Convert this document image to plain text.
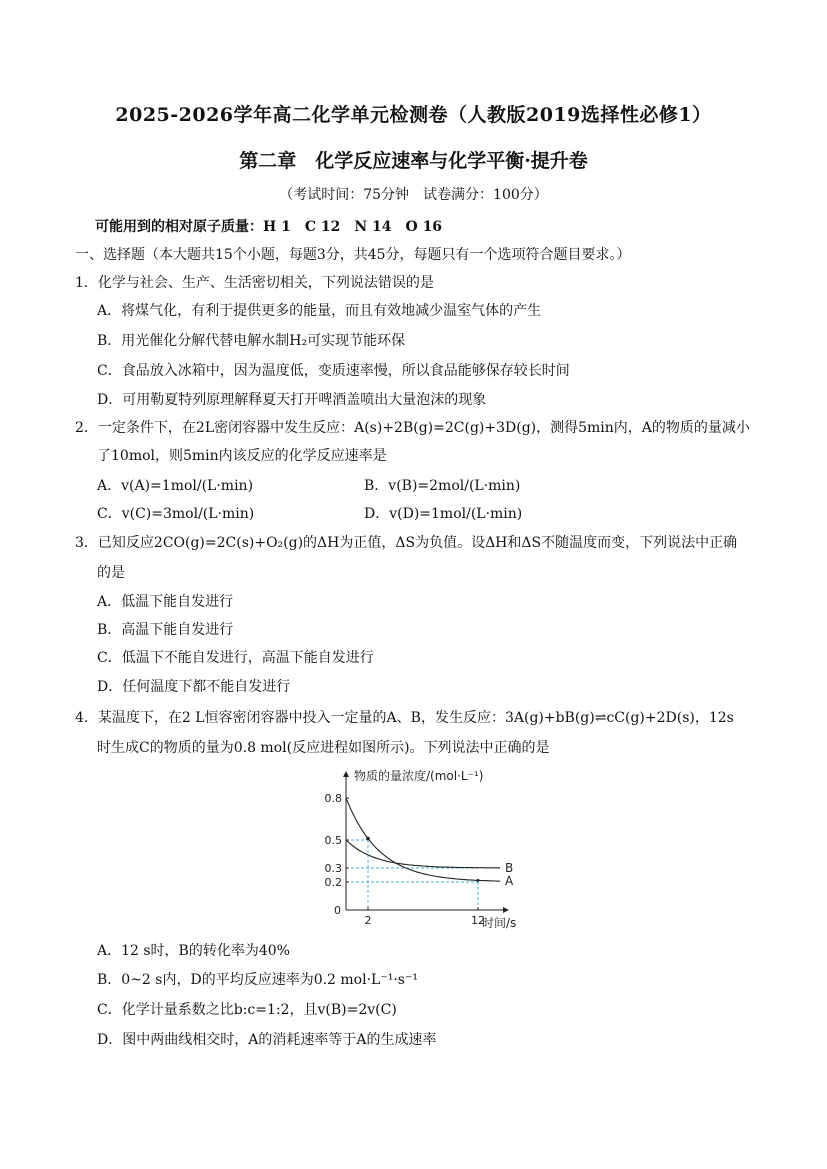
2025-2026学年高二化学单元检测卷（人教版2019选择性必修1）
第二章　化学反应速率与化学平衡·提升卷
（考试时间：75分钟　试卷满分：100分）
可能用到的相对原子质量：H 1　C 12　N 14　O 16
一、选择题（本大题共15个小题，每题3分，共45分，每题只有一个选项符合题目要求。）
1．化学与社会、生产、生活密切相关，下列说法错误的是
A．将煤气化，有利于提供更多的能量，而且有效地减少温室气体的产生
B．用光催化分解代替电解水制H₂可实现节能环保
C．食品放入冰箱中，因为温度低，变质速率慢，所以食品能够保存较长时间
D．可用勒夏特列原理解释夏天打开啤酒盖喷出大量泡沫的现象
2．一定条件下，在2L密闭容器中发生反应：A(s)+2B(g)=2C(g)+3D(g)，测得5min内，A的物质的量减小
了10mol，则5min内该反应的化学反应速率是
A．v(A)=1mol/(L·min)	B．v(B)=2mol/(L·min)
C．v(C)=3mol/(L·min)	D．v(D)=1mol/(L·min)
3．已知反应2CO(g)=2C(s)+O₂(g)的ΔH为正值，ΔS为负值。设ΔH和ΔS不随温度而变，下列说法中正确
的是
A．低温下能自发进行
B．高温下能自发进行
C．低温下不能自发进行，高温下能自发进行
D．任何温度下都不能自发进行
4．某温度下，在2 L恒容密闭容器中投入一定量的A、B，发生反应：3A(g)+bB(g)⇌cC(g)+2D(s)，12s
时生成C的物质的量为0.8 mol(反应进程如图所示)。下列说法中正确的是
物质的量浓度/(mol·L⁻¹)
时间/s
0
0.8
0.5
0.3
0.2
2	12
A
B
A．12 s时，B的转化率为40%
B．0~2 s内，D的平均反应速率为0.2 mol·L⁻¹·s⁻¹
C．化学计量系数之比b:c=1:2，且v(B)=2v(C)
D．图中两曲线相交时，A的消耗速率等于A的生成速率
